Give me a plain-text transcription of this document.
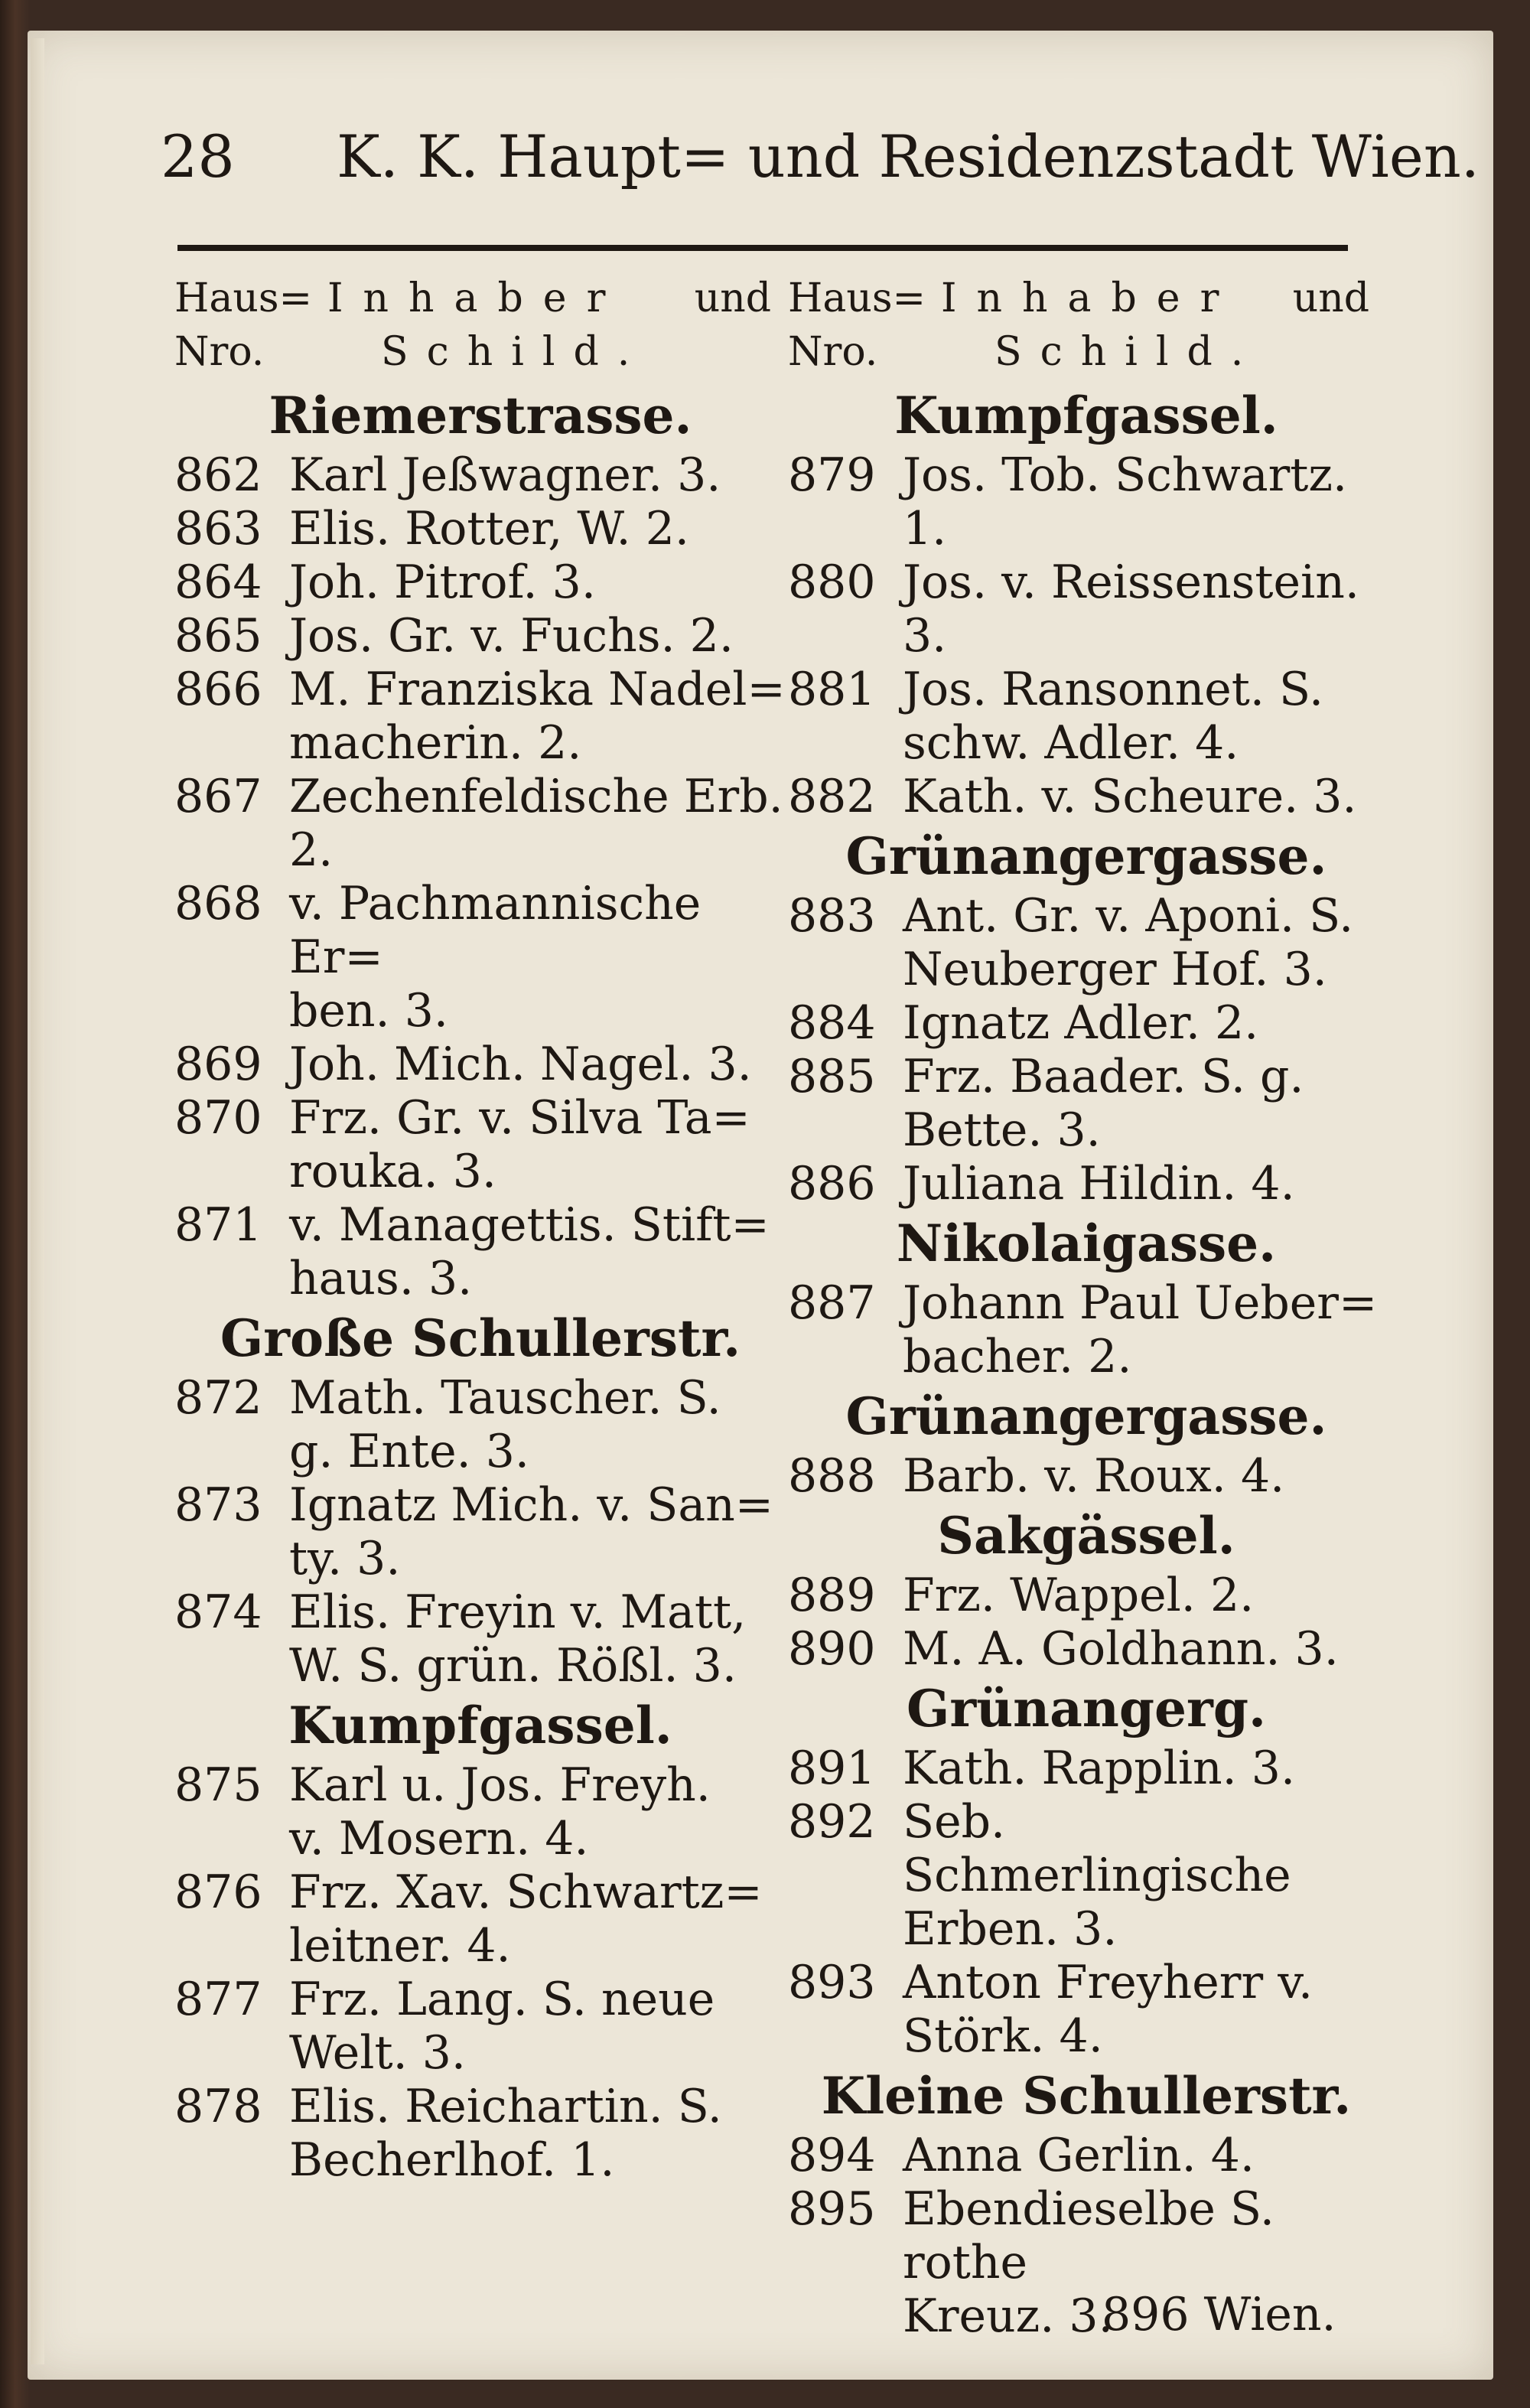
28 K. K. Haupt= und Residenzstadt Wien.
Haus=
Nro.
Inhaber und
Schild.
Riemerstrasse.
862 Karl Jeßwagner. 3.
863 Elis. Rotter, W. 2.
864 Joh. Pitrof. 3.
865 Jos. Gr. v. Fuchs. 2.
866 M. Franziska Nadel=
macherin. 2.
867 Zechenfeldische Erb. 2.
868 v. Pachmannische Er=
ben. 3.
869 Joh. Mich. Nagel. 3.
870 Frz. Gr. v. Silva Ta=
rouka. 3.
871 v. Managettis. Stift=
haus. 3.
Große Schullerstr.
872 Math. Tauscher. S.
g. Ente. 3.
873 Ignatz Mich. v. San=
ty. 3.
874 Elis. Freyin v. Matt,
W. S. grün. Rößl. 3.
Kumpfgassel.
875 Karl u. Jos. Freyh.
v. Mosern. 4.
876 Frz. Xav. Schwartz=
leitner. 4.
877 Frz. Lang. S. neue
Welt. 3.
878 Elis. Reichartin. S.
Becherlhof. 1.
Haus=
Nro.
Inhaber und
Schild.
Kumpfgassel.
879 Jos. Tob. Schwartz. 1.
880 Jos. v. Reissenstein. 3.
881 Jos. Ransonnet. S.
schw. Adler. 4.
882 Kath. v. Scheure. 3.
Grünangergasse.
883 Ant. Gr. v. Aponi. S.
Neuberger Hof. 3.
884 Ignatz Adler. 2.
885 Frz. Baader. S. g.
Bette. 3.
886 Juliana Hildin. 4.
Nikolaigasse.
887 Johann Paul Ueber=
bacher. 2.
Grünangergasse.
888 Barb. v. Roux. 4.
Sakgässel.
889 Frz. Wappel. 2.
890 M. A. Goldhann. 3.
Grünangerg.
891 Kath. Rapplin. 3.
892 Seb. Schmerlingische
Erben. 3.
893 Anton Freyherr v.
Störk. 4.
Kleine Schullerstr.
894 Anna Gerlin. 4.
895 Ebendieselbe S. rothe
Kreuz. 3.
896 Wien.
